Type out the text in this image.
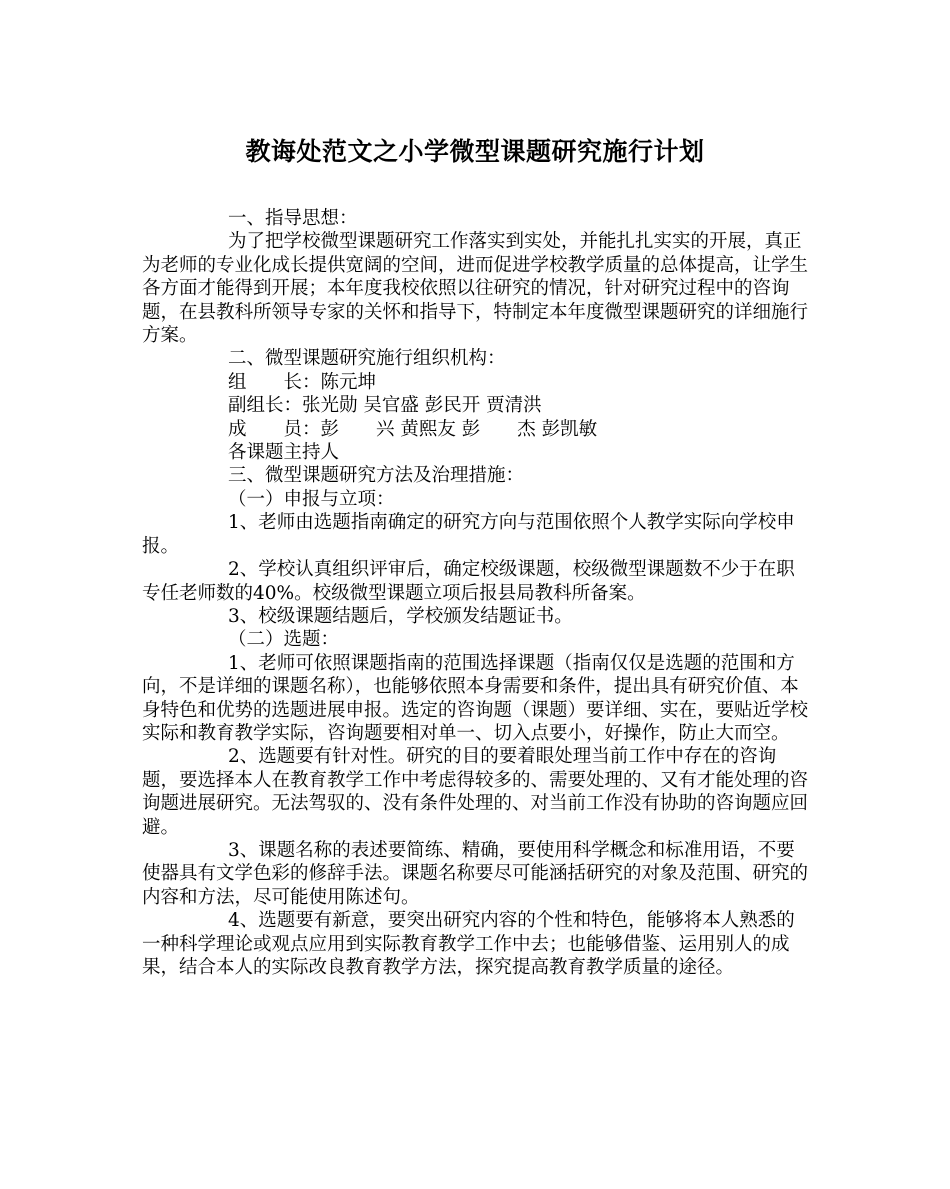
教诲处范文之小学微型课题研究施行计划

一、指导思想：

为了把学校微型课题研究工作落实到实处，并能扎扎实实的开展，真正为老师的专业化成长提供宽阔的空间，进而促进学校教学质量的总体提高，让学生各方面才能得到开展；本年度我校依照以往研究的情况，针对研究过程中的咨询题，在县教科所领导专家的关怀和指导下，特制定本年度微型课题研究的详细施行方案。

二、微型课题研究施行组织机构：

组　　长：陈元坤

副组长：张光勋 吴官盛 彭民开 贾清洪

成　　员：彭　　兴 黄熙友 彭　　杰 彭凯敏

各课题主持人

三、微型课题研究方法及治理措施：

（一）申报与立项：

1、老师由选题指南确定的研究方向与范围依照个人教学实际向学校申报。

2、学校认真组织评审后，确定校级课题，校级微型课题数不少于在职专任老师数的40%。校级微型课题立项后报县局教科所备案。

3、校级课题结题后，学校颁发结题证书。

（二）选题：

1、老师可依照课题指南的范围选择课题（指南仅仅是选题的范围和方向，不是详细的课题名称），也能够依照本身需要和条件，提出具有研究价值、本身特色和优势的选题进展申报。选定的咨询题（课题）要详细、实在，要贴近学校实际和教育教学实际，咨询题要相对单一、切入点要小，好操作，防止大而空。

2、选题要有针对性。研究的目的要着眼处理当前工作中存在的咨询题，要选择本人在教育教学工作中考虑得较多的、需要处理的、又有才能处理的咨询题进展研究。无法驾驭的、没有条件处理的、对当前工作没有协助的咨询题应回避。

3、课题名称的表述要简练、精确，要使用科学概念和标准用语，不要使器具有文学色彩的修辞手法。课题名称要尽可能涵括研究的对象及范围、研究的内容和方法，尽可能使用陈述句。

4、选题要有新意，要突出研究内容的个性和特色，能够将本人熟悉的一种科学理论或观点应用到实际教育教学工作中去；也能够借鉴、运用别人的成果，结合本人的实际改良教育教学方法，探究提高教育教学质量的途径。
